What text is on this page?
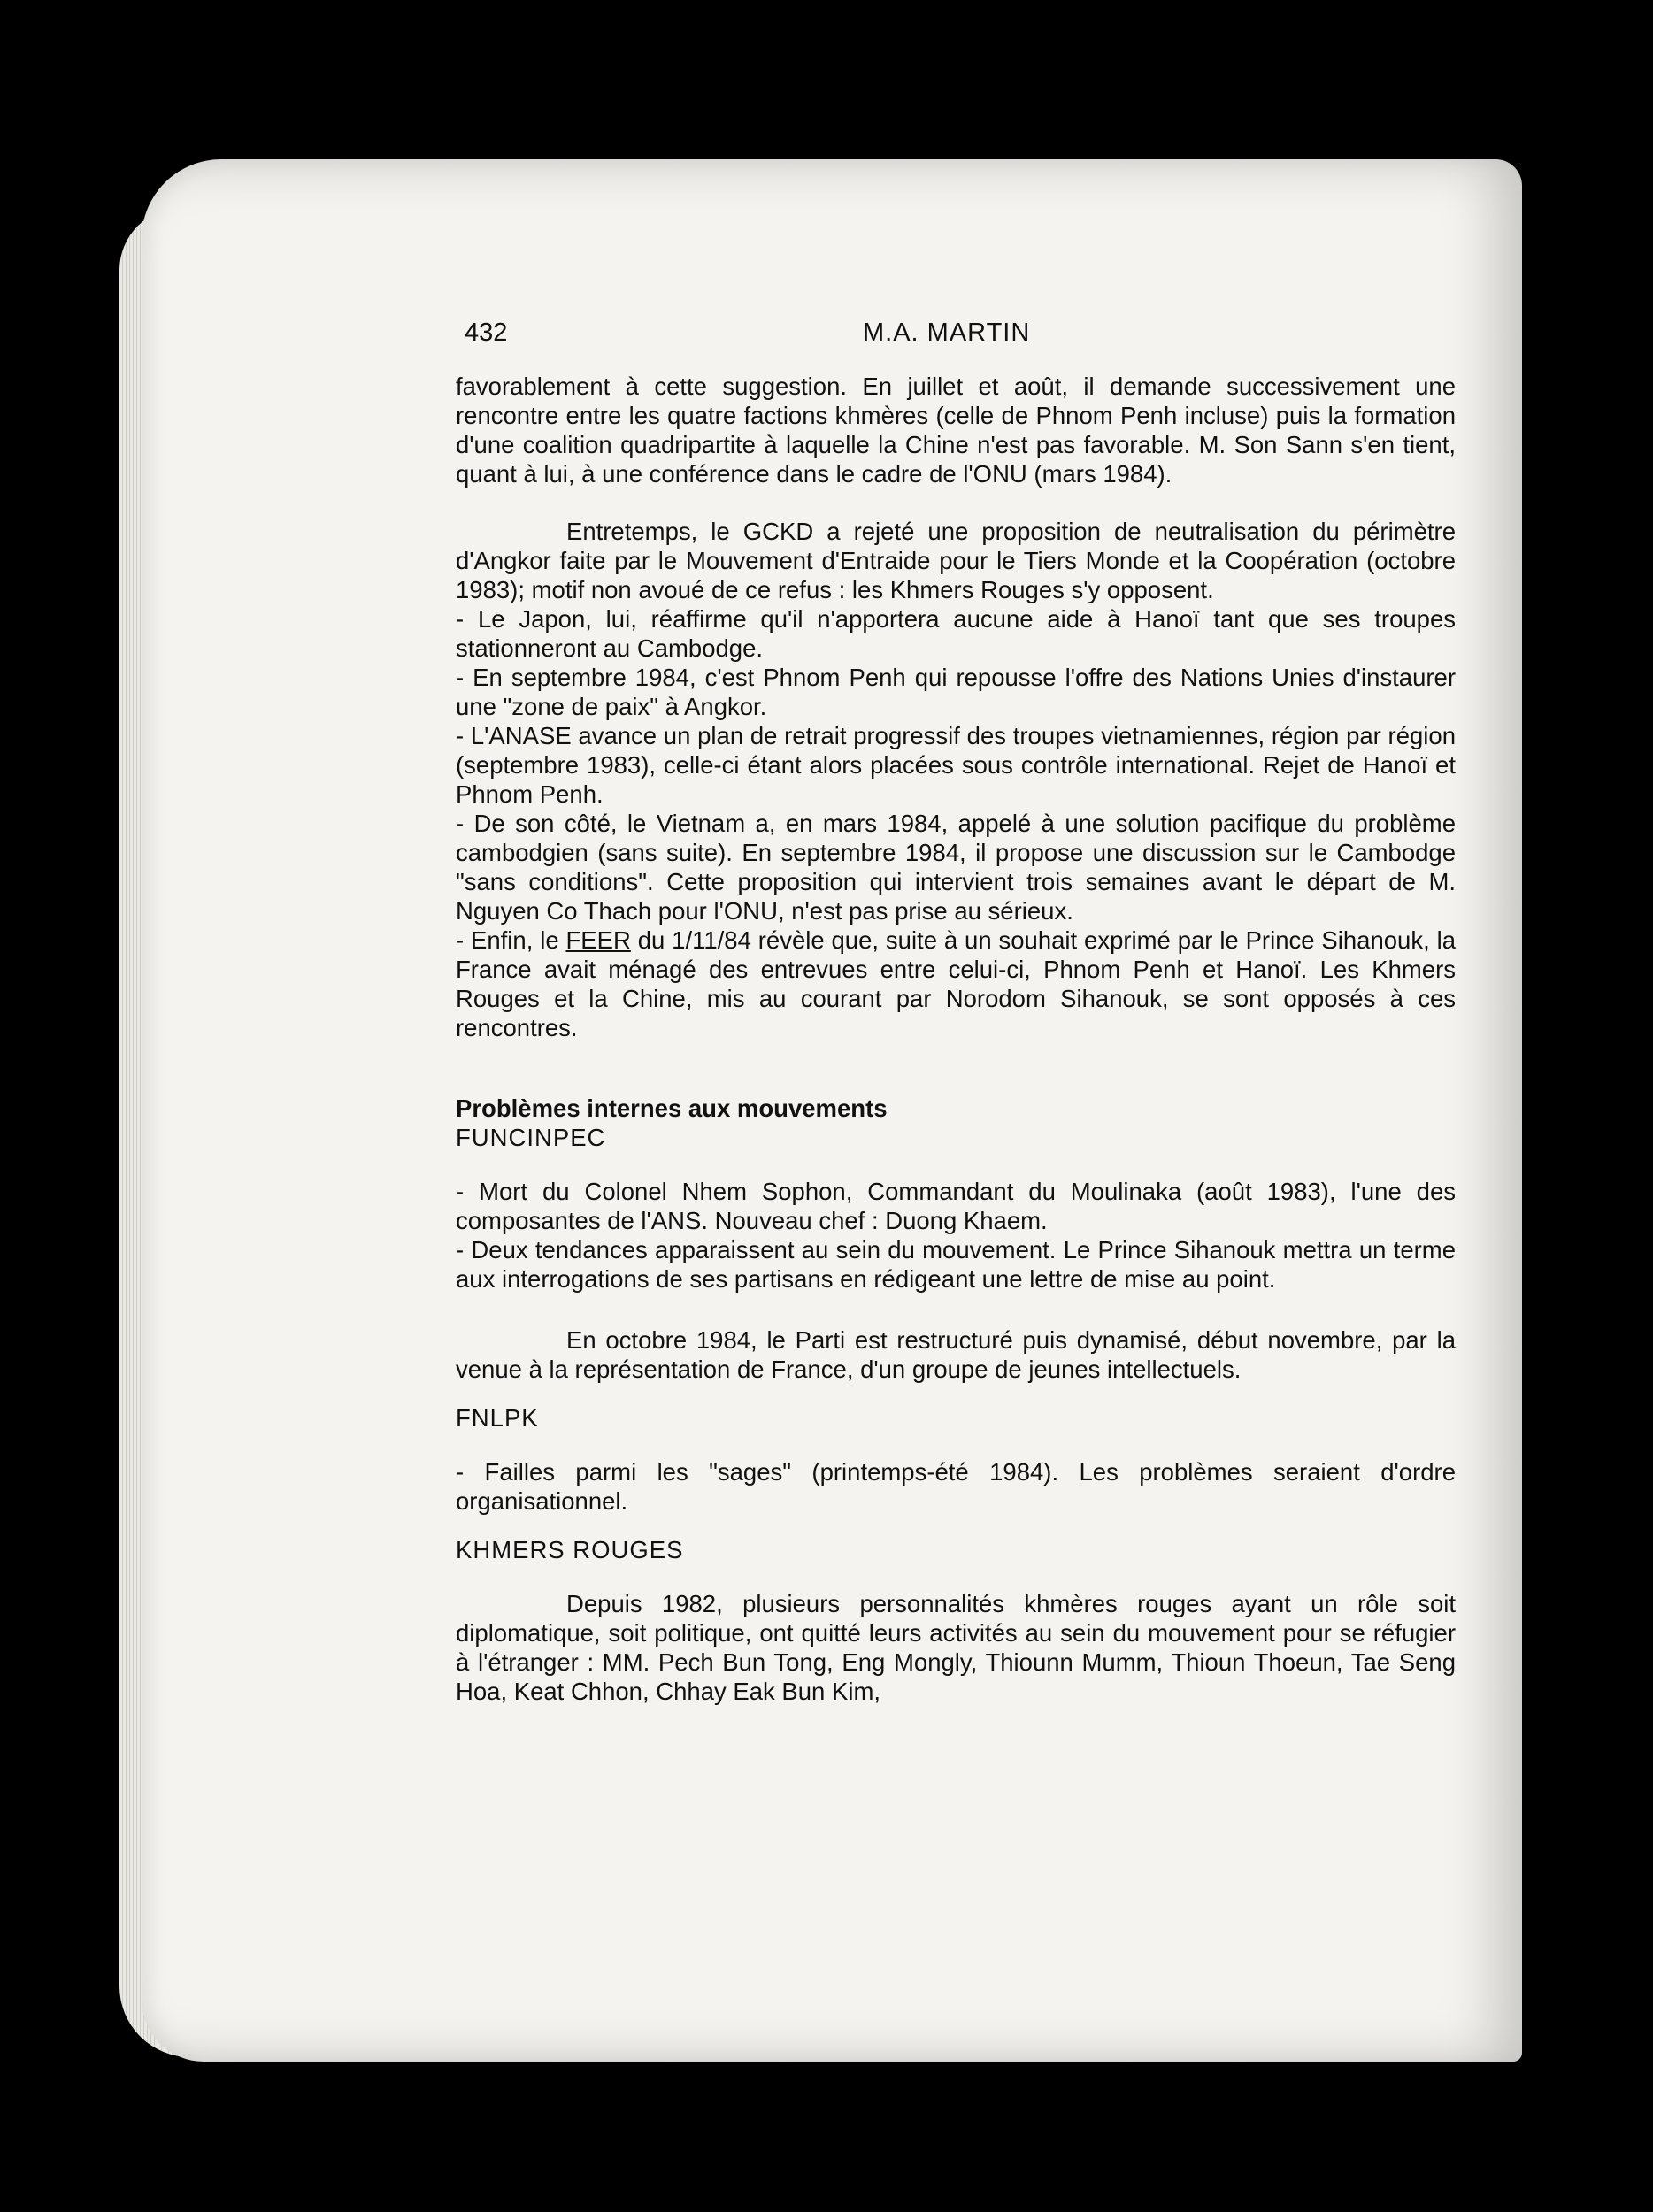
432	M.A. MARTIN

favorablement à cette suggestion. En juillet et août, il demande successivement une rencontre entre les quatre factions khmères (celle de Phnom Penh incluse) puis la formation d'une coalition quadripartite à laquelle la Chine n'est pas favorable. M. Son Sann s'en tient, quant à lui, à une conférence dans le cadre de l'ONU (mars 1984).

Entretemps, le GCKD a rejeté une proposition de neutralisation du périmètre d'Angkor faite par le Mouvement d'Entraide pour le Tiers Monde et la Coopération (octobre 1983); motif non avoué de ce refus : les Khmers Rouges s'y opposent.

- Le Japon, lui, réaffirme qu'il n'apportera aucune aide à Hanoï tant que ses troupes stationneront au Cambodge.

- En septembre 1984, c'est Phnom Penh qui repousse l'offre des Nations Unies d'instaurer une "zone de paix" à Angkor.

- L'ANASE avance un plan de retrait progressif des troupes vietnamiennes, région par région (septembre 1983), celle-ci étant alors placées sous contrôle international. Rejet de Hanoï et Phnom Penh.

- De son côté, le Vietnam a, en mars 1984, appelé à une solution pacifique du problème cambodgien (sans suite). En septembre 1984, il propose une discussion sur le Cambodge "sans conditions". Cette proposition qui intervient trois semaines avant le départ de M. Nguyen Co Thach pour l'ONU, n'est pas prise au sérieux.

- Enfin, le FEER du 1/11/84 révèle que, suite à un souhait exprimé par le Prince Sihanouk, la France avait ménagé des entrevues entre celui-ci, Phnom Penh et Hanoï. Les Khmers Rouges et la Chine, mis au courant par Norodom Sihanouk, se sont opposés à ces rencontres.

Problèmes internes aux mouvements

FUNCINPEC

- Mort du Colonel Nhem Sophon, Commandant du Moulinaka (août 1983), l'une des composantes de l'ANS. Nouveau chef : Duong Khaem.

- Deux tendances apparaissent au sein du mouvement. Le Prince Sihanouk mettra un terme aux interrogations de ses partisans en rédigeant une lettre de mise au point.

En octobre 1984, le Parti est restructuré puis dynamisé, début novembre, par la venue à la représentation de France, d'un groupe de jeunes intellectuels.

FNLPK

- Failles parmi les "sages" (printemps-été 1984). Les problèmes seraient d'ordre organisationnel.

KHMERS ROUGES

Depuis 1982, plusieurs personnalités khmères rouges ayant un rôle soit diplomatique, soit politique, ont quitté leurs activités au sein du mouvement pour se réfugier à l'étranger : MM. Pech Bun Tong, Eng Mongly, Thiounn Mumm, Thioun Thoeun, Tae Seng Hoa, Keat Chhon, Chhay Eak Bun Kim,
